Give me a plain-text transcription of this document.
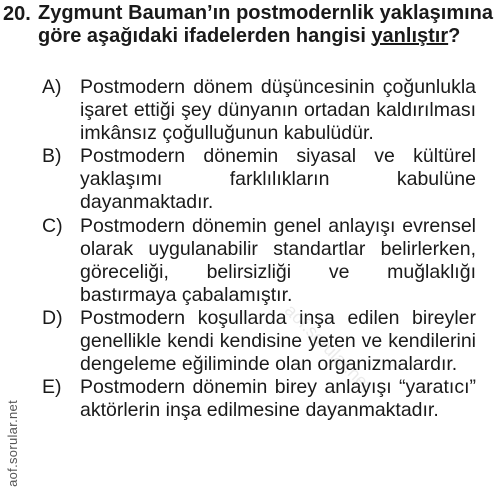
20. Zygmunt Bauman’ın postmodernlik yaklaşımına göre aşağıdaki ifadelerden hangisi yanlıştır?
A) Postmodern dönem düşüncesinin çoğunlukla işaret ettiği şey dünyanın ortadan kaldırılması imkânsız çoğulluğunun kabulüdür.
B) Postmodern dönemin siyasal ve kültürel yaklaşımı farklılıkların kabulüne dayanmaktadır.
C) Postmodern dönemin genel anlayışı evrensel olarak uygulanabilir standartlar belirlerken, göreceliği, belirsizliği ve muğlaklığı bastırmaya çabalamıştır.
D) Postmodern koşullarda inşa edilen bireyler genellikle kendi kendisine yeten ve kendilerini dengeleme eğiliminde olan organizmalardır.
E) Postmodern dönemin birey anlayışı “yaratıcı” aktörlerin inşa edilmesine dayanmaktadır.
aof.sorular.net
aof.sorular.net
